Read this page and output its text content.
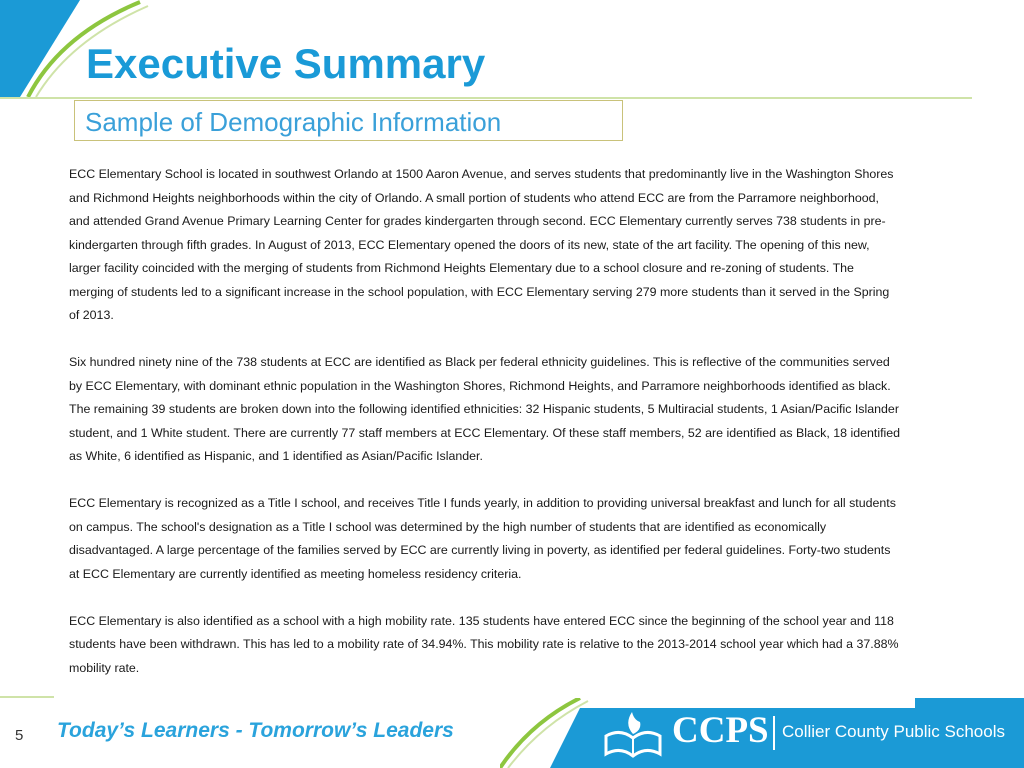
Executive Summary
Sample of Demographic Information

ECC Elementary School is located in southwest Orlando at 1500 Aaron Avenue, and serves students that predominantly live in the Washington Shores and Richmond Heights neighborhoods within the city of Orlando. A small portion of students who attend ECC are from the Parramore neighborhood, and attended Grand Avenue Primary Learning Center for grades kindergarten through second. ECC Elementary currently serves 738 students in pre-kindergarten through fifth grades. In August of 2013, ECC Elementary opened the doors of its new, state of the art facility. The opening of this new, larger facility coincided with the merging of students from Richmond Heights Elementary due to a school closure and re-zoning of students. The merging of students led to a significant increase in the school population, with ECC Elementary serving 279 more students than it served in the Spring of 2013.

Six hundred ninety nine of the 738 students at ECC are identified as Black per federal ethnicity guidelines. This is reflective of the communities served by ECC Elementary, with dominant ethnic population in the Washington Shores, Richmond Heights, and Parramore neighborhoods identified as black. The remaining 39 students are broken down into the following identified ethnicities: 32 Hispanic students, 5 Multiracial students, 1 Asian/Pacific Islander student, and 1 White student. There are currently 77 staff members at ECC Elementary. Of these staff members, 52 are identified as Black, 18 identified as White, 6 identified as Hispanic, and 1 identified as Asian/Pacific Islander.

ECC Elementary is recognized as a Title I school, and receives Title I funds yearly, in addition to providing universal breakfast and lunch for all students on campus. The school's designation as a Title I school was determined by the high number of students that are identified as economically disadvantaged. A large percentage of the families served by ECC are currently living in poverty, as identified per federal guidelines. Forty-two students at ECC Elementary are currently identified as meeting homeless residency criteria.

ECC Elementary is also identified as a school with a high mobility rate. 135 students have entered ECC since the beginning of the school year and 118 students have been withdrawn. This has led to a mobility rate of 34.94%. This mobility rate is relative to the 2013-2014 school year which had a 37.88% mobility rate.

5 Today’s Learners - Tomorrow’s Leaders	CCPS Collier County Public Schools
